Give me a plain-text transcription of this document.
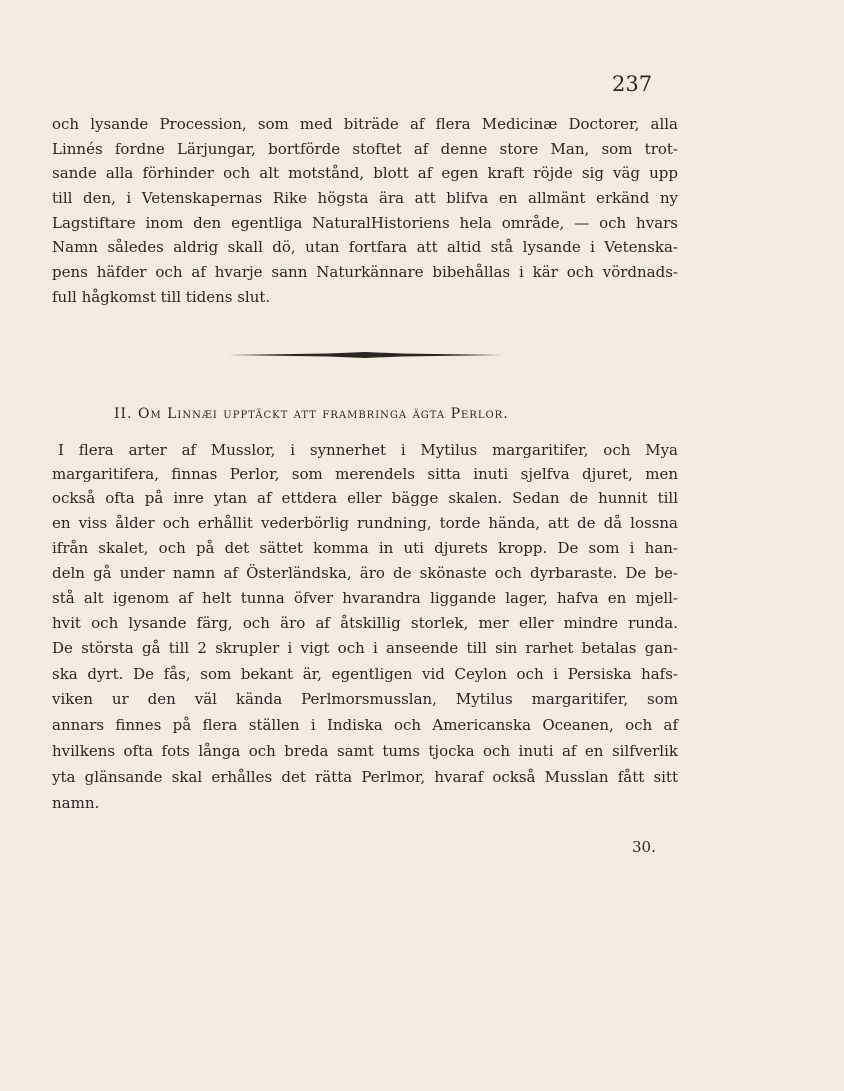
237
och lysande Procession, som med biträde af flera Medicinæ Doctorer, alla
Linnés fordne Lärjungar, bortförde stoftet af denne store Man, som trot-
sande alla förhinder och alt motstånd, blott af egen kraft röjde sig väg upp
till den, i Vetenskapernas Rike högsta ära att blifva en allmänt erkänd ny
Lagstiftare inom den egentliga NaturalHistoriens hela område, — och hvars
Namn således aldrig skall dö, utan fortfara att altid stå lysande i Vetenska-
pens häfder och af hvarje sann Naturkännare bibehållas i kär och vördnads-
full hågkomst till tidens slut.
II. Om Linnæi upptäckt att frambringa ägta Perlor.
I flera arter af Musslor, i synnerhet i Mytilus margaritifer, och Mya
margaritifera, finnas Perlor, som merendels sitta inuti sjelfva djuret, men
också ofta på inre ytan af ettdera eller bägge skalen. Sedan de hunnit till
en viss ålder och erhållit vederbörlig rundning, torde hända, att de då lossna
ifrån skalet, och på det sättet komma in uti djurets kropp. De som i han-
deln gå under namn af Österländska, äro de skönaste och dyrbaraste. De be-
stå alt igenom af helt tunna öfver hvarandra liggande lager, hafva en mjell-
hvit och lysande färg, och äro af åtskillig storlek, mer eller mindre runda.
De största gå till 2 skrupler i vigt och i anseende till sin rarhet betalas gan-
ska dyrt. De fås, som bekant är, egentligen vid Ceylon och i Persiska hafs-
viken ur den väl kända Perlmorsmusslan, Mytilus margaritifer, som
annars finnes på flera ställen i Indiska och Americanska Oceanen, och af
hvilkens ofta fots långa och breda samt tums tjocka och inuti af en silfverlik
yta glänsande skal erhålles det rätta Perlmor, hvaraf också Musslan fått sitt
namn.
30.
